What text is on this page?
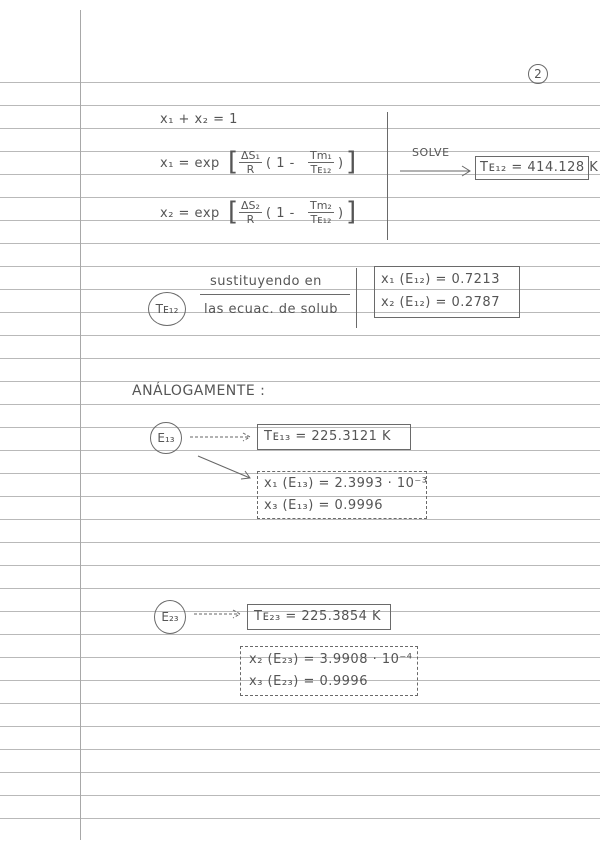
2
x₁ + x₂ = 1
x₁ = exp [ $\frac{\text{ΔS₁}}{R}$ ( $1 - \frac{\text{Tm₁}}{\text{Tᴇ₁₂}}$ ) ]
x₂ = exp [ $\frac{\text{ΔS₂}}{R}$ ( $1 - \frac{\text{Tm₂}}{\text{Tᴇ₁₂}}$ ) ]
SOLVE
Tᴇ₁₂ = 414.128 K
Tᴇ₁₂
sustituyendo en
las ecuac. de solub
x₁ (E₁₂) = 0.7213
x₂ (E₁₂) = 0.2787
ANÁLOGAMENTE :
E₁₃	Tᴇ₁₃ = 225.3121 K
x₁ (E₁₃) = 2.3993 · 10⁻³
x₃ (E₁₃) = 0.9996
E₂₃	Tᴇ₂₃ = 225.3854 K
x₂ (E₂₃) = 3.9908 · 10⁻⁴
x₃ (E₂₃) = 0.9996
